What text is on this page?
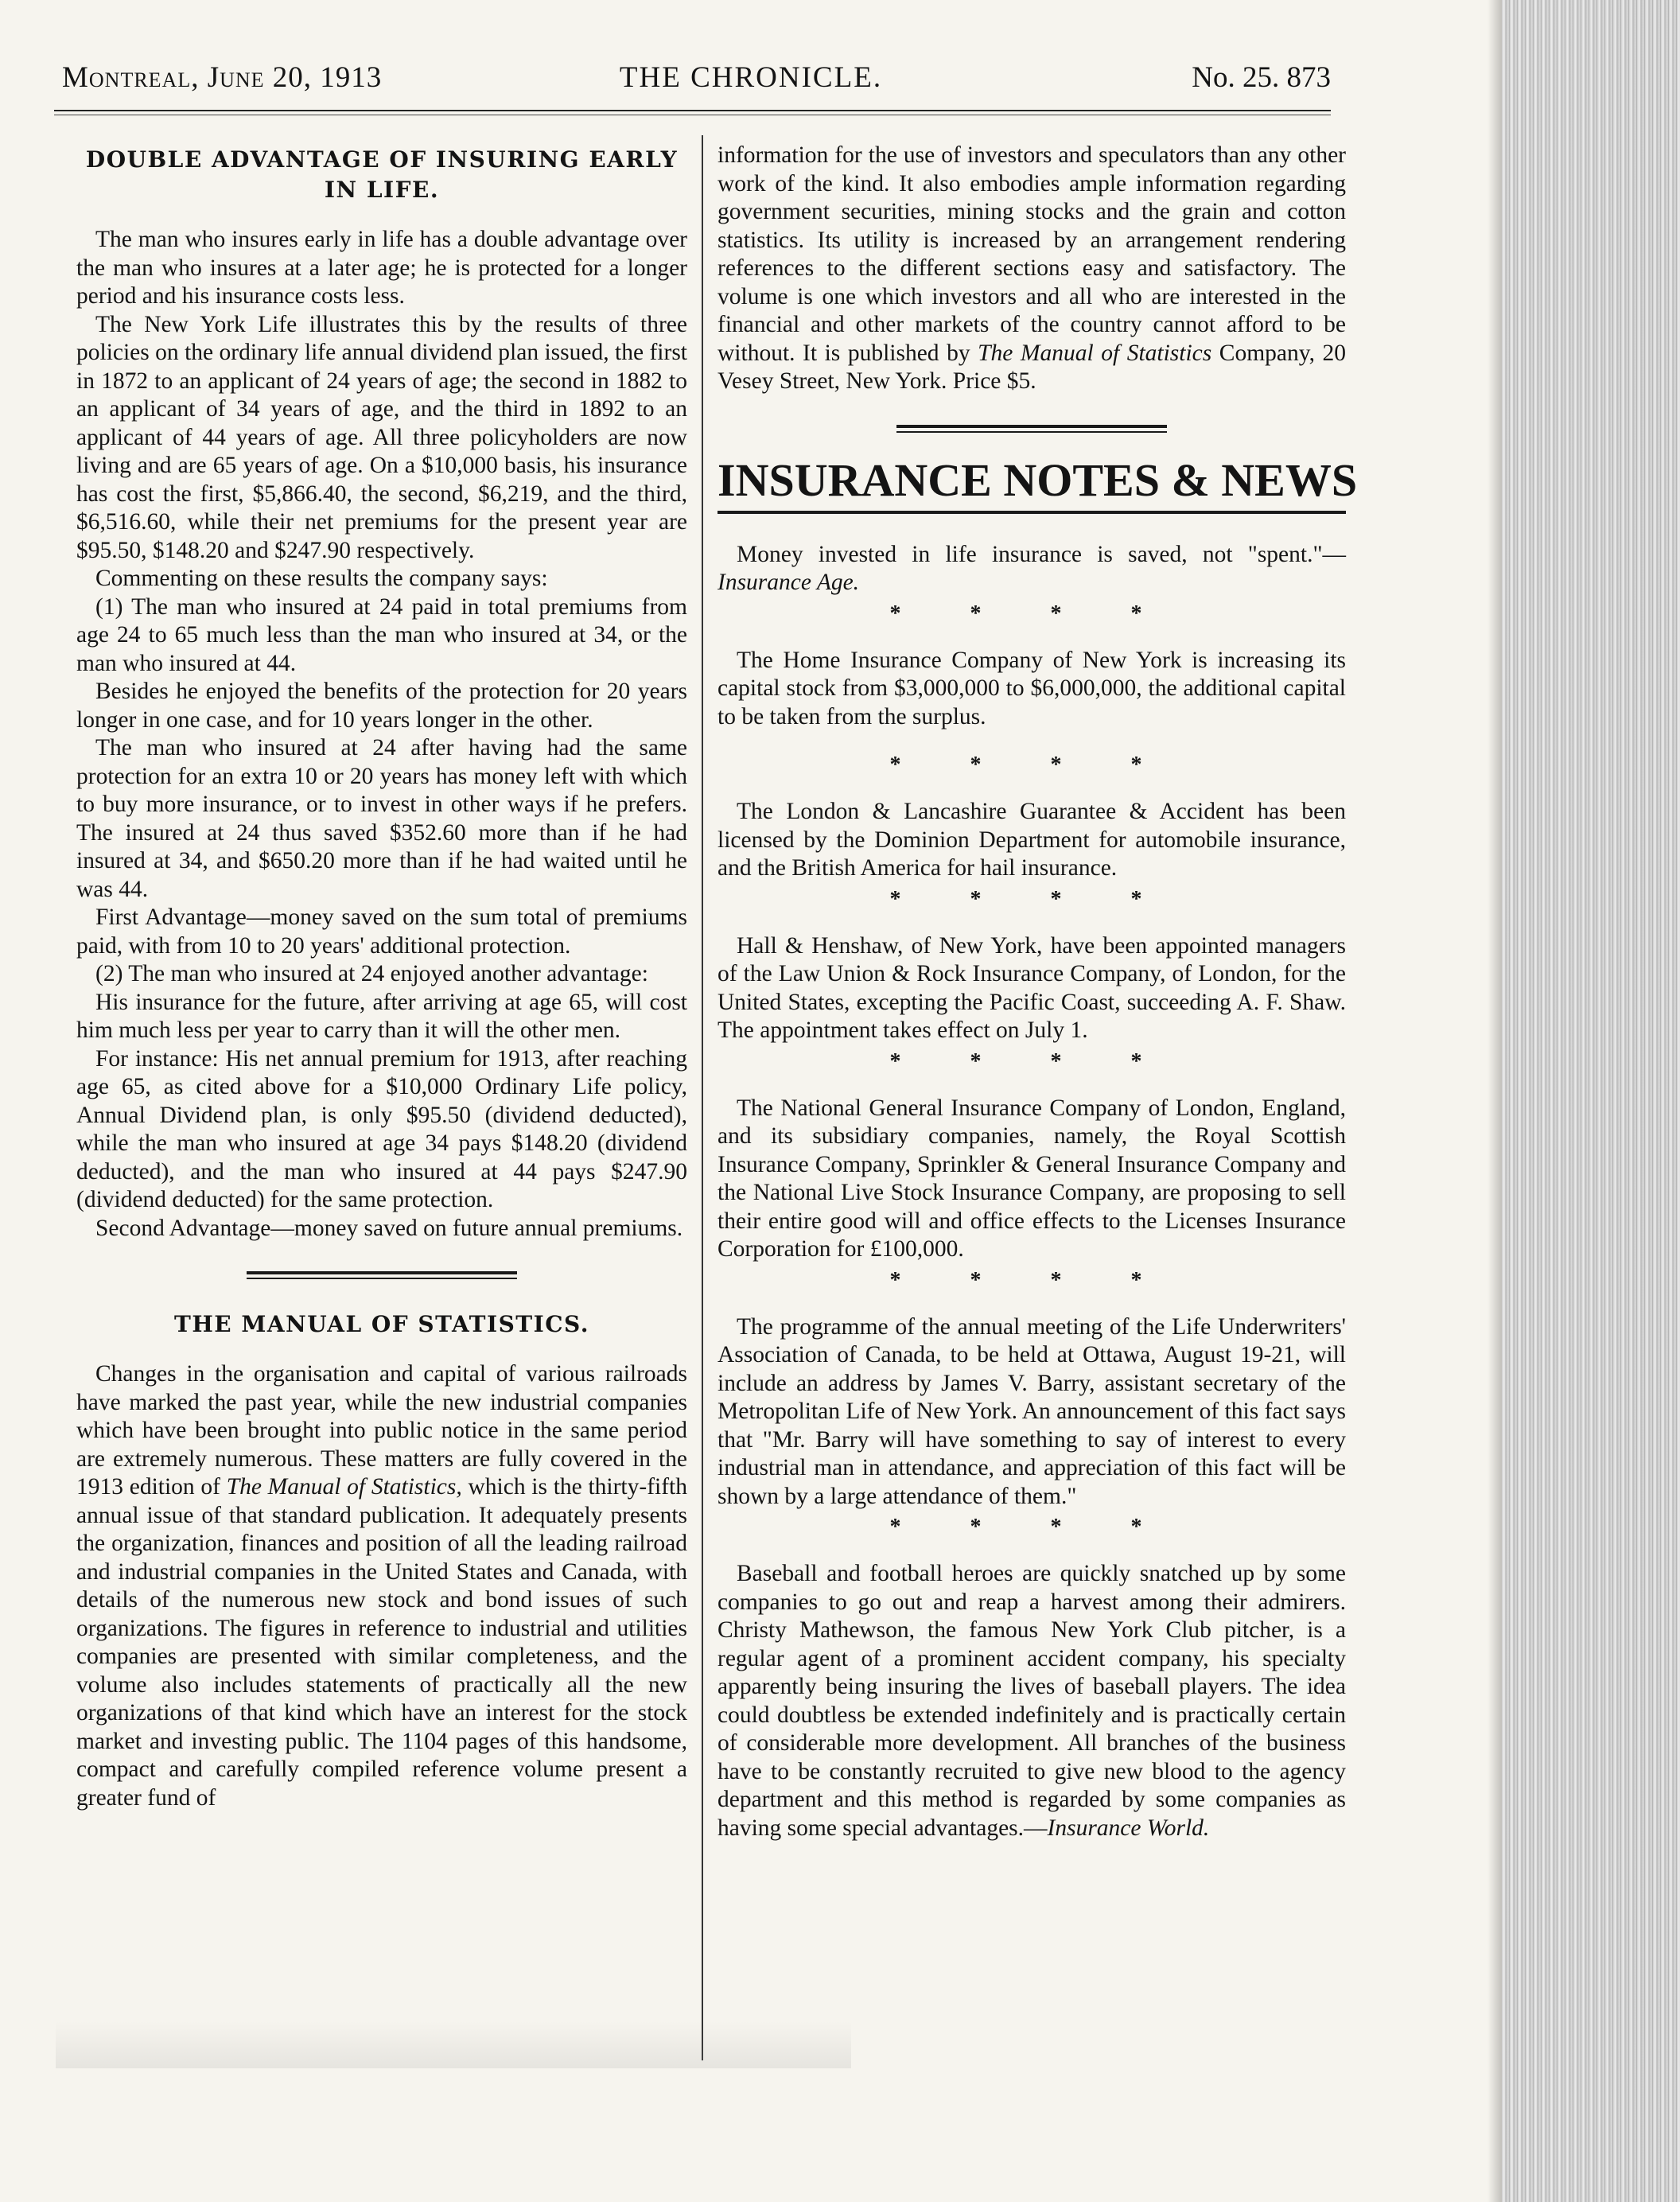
Montreal, June 20, 1913	THE CHRONICLE.	No. 25. 873
DOUBLE ADVANTAGE OF INSURING EARLY IN LIFE.

The man who insures early in life has a double advantage over the man who insures at a later age; he is protected for a longer period and his insurance costs less.

The New York Life illustrates this by the results of three policies on the ordinary life annual dividend plan issued, the first in 1872 to an applicant of 24 years of age; the second in 1882 to an applicant of 34 years of age, and the third in 1892 to an applicant of 44 years of age. All three policyholders are now living and are 65 years of age. On a $10,000 basis, his insurance has cost the first, $5,866.40, the second, $6,219, and the third, $6,516.60, while their net premiums for the present year are $95.50, $148.20 and $247.90 respectively.

Commenting on these results the company says:

(1) The man who insured at 24 paid in total premiums from age 24 to 65 much less than the man who insured at 34, or the man who insured at 44.

Besides he enjoyed the benefits of the protection for 20 years longer in one case, and for 10 years longer in the other.

The man who insured at 24 after having had the same protection for an extra 10 or 20 years has money left with which to buy more insurance, or to invest in other ways if he prefers. The insured at 24 thus saved $352.60 more than if he had insured at 34, and $650.20 more than if he had waited until he was 44.

First Advantage—money saved on the sum total of premiums paid, with from 10 to 20 years' additional protection.

(2) The man who insured at 24 enjoyed another advantage:

His insurance for the future, after arriving at age 65, will cost him much less per year to carry than it will the other men.

For instance: His net annual premium for 1913, after reaching age 65, as cited above for a $10,000 Ordinary Life policy, Annual Dividend plan, is only $95.50 (dividend deducted), while the man who insured at age 34 pays $148.20 (dividend deducted), and the man who insured at 44 pays $247.90 (dividend deducted) for the same protection.

Second Advantage—money saved on future annual premiums.

THE MANUAL OF STATISTICS.

Changes in the organisation and capital of various railroads have marked the past year, while the new industrial companies which have been brought into public notice in the same period are extremely numerous. These matters are fully covered in the 1913 edition of The Manual of Statistics, which is the thirty-fifth annual issue of that standard publication. It adequately presents the organization, finances and position of all the leading railroad and industrial companies in the United States and Canada, with details of the numerous new stock and bond issues of such organizations. The figures in reference to industrial and utilities companies are presented with similar completeness, and the volume also includes statements of practically all the new organizations of that kind which have an interest for the stock market and investing public. The 1104 pages of this handsome, compact and carefully compiled reference volume present a greater fund of

information for the use of investors and speculators than any other work of the kind. It also embodies ample information regarding government securities, mining stocks and the grain and cotton statistics. Its utility is increased by an arrangement rendering references to the different sections easy and satisfactory. The volume is one which investors and all who are interested in the financial and other markets of the country cannot afford to be without. It is published by The Manual of Statistics Company, 20 Vesey Street, New York. Price $5.

INSURANCE NOTES & NEWS

Money invested in life insurance is saved, not "spent."—Insurance Age.

* * * *

The Home Insurance Company of New York is increasing its capital stock from $3,000,000 to $6,000,000, the additional capital to be taken from the surplus.

* * * *

The London & Lancashire Guarantee & Accident has been licensed by the Dominion Department for automobile insurance, and the British America for hail insurance.

* * * *

Hall & Henshaw, of New York, have been appointed managers of the Law Union & Rock Insurance Company, of London, for the United States, excepting the Pacific Coast, succeeding A. F. Shaw. The appointment takes effect on July 1.

* * * *

The National General Insurance Company of London, England, and its subsidiary companies, namely, the Royal Scottish Insurance Company, Sprinkler & General Insurance Company and the National Live Stock Insurance Company, are proposing to sell their entire good will and office effects to the Licenses Insurance Corporation for £100,000.

* * * *

The programme of the annual meeting of the Life Underwriters' Association of Canada, to be held at Ottawa, August 19-21, will include an address by James V. Barry, assistant secretary of the Metropolitan Life of New York. An announcement of this fact says that "Mr. Barry will have something to say of interest to every industrial man in attendance, and appreciation of this fact will be shown by a large attendance of them."

* * * *

Baseball and football heroes are quickly snatched up by some companies to go out and reap a harvest among their admirers. Christy Mathewson, the famous New York Club pitcher, is a regular agent of a prominent accident company, his specialty apparently being insuring the lives of baseball players. The idea could doubtless be extended indefinitely and is practically certain of considerable more development. All branches of the business have to be constantly recruited to give new blood to the agency department and this method is regarded by some companies as having some special advantages.—Insurance World.
